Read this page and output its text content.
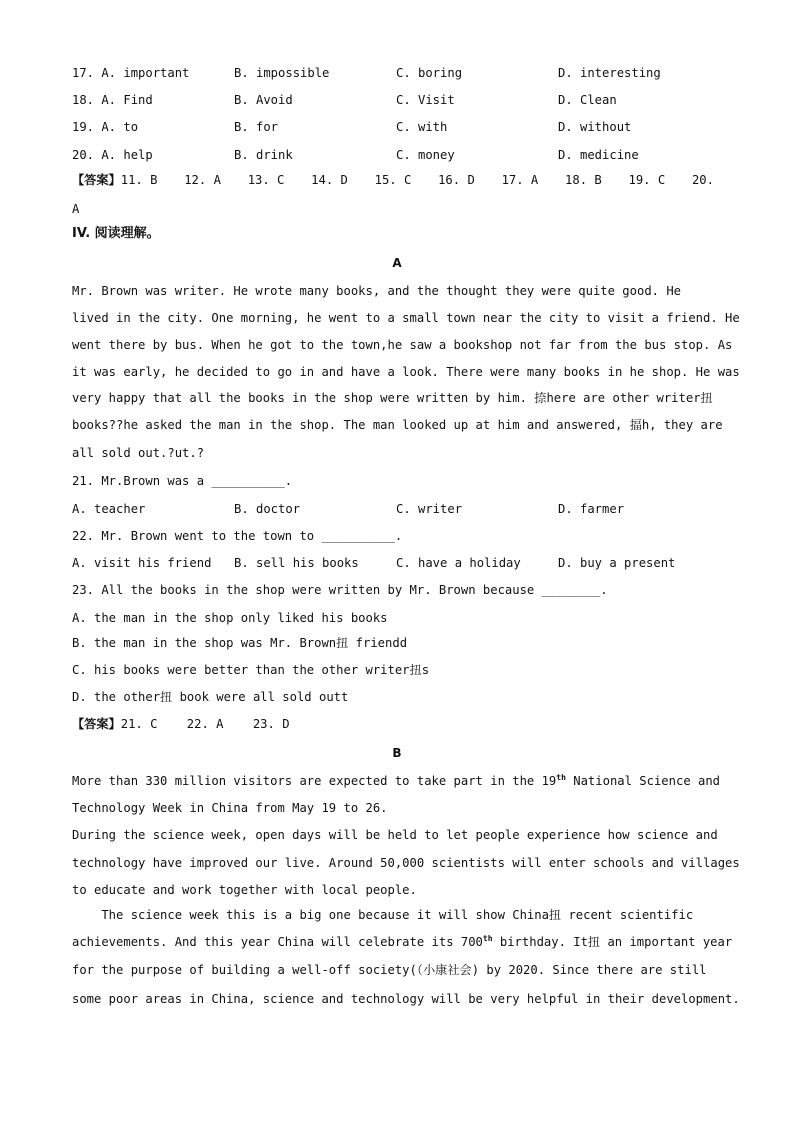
17. A. important	B. impossible	C. boring	D. interesting
18. A. Find	B. Avoid	C. Visit	D. Clean
19. A. to	B. for	C. with	D. without
20. A. help	B. drink	C. money	D. medicine
【答案】11. B 12. A 13. C 14. D 15. C 16. D 17. A 18. B 19. C 20.
A
IV. 阅读理解。
A
Mr. Brown was writer. He wrote many books, and the thought they were quite good. He
lived in the city. One morning, he went to a small town near the city to visit a friend. He
went there by bus. When he got to the town,he saw a bookshop not far from the bus stop. As
it was early, he decided to go in and have a look. There were many books in he shop. He was
very happy that all the books in the shop were written by him. 捺here are other writer扭
books??he asked the man in the shop. The man looked up at him and answered, 揊h, they are
all sold out.?ut.?
21. Mr.Brown was a __________.
A. teacher	B. doctor	C. writer	D. farmer
22. Mr. Brown went to the town to __________.
A. visit his friend B. sell his books	C. have a holiday	D. buy a present
23. All the books in the shop were written by Mr. Brown because ________.
A. the man in the shop only liked his books
B. the man in the shop was Mr. Brown扭 friendd
C. his books were better than the other writer扭s
D. the other扭 book were all sold outt
【答案】21. C 22. A 23. D
B
More than 330 million visitors are expected to take part in the 19th National Science and
Technology Week in China from May 19 to 26.
During the science week, open days will be held to let people experience how science and
technology have improved our live. Around 50,000 scientists will enter schools and villages
to educate and work together with local people.
The science week this is a big one because it will show China扭 recent scientific
achievements. And this year China will celebrate its 700th birthday. It扭 an important year
for the purpose of building a well-off society(（小康社会) by 2020. Since there are still
some poor areas in China, science and technology will be very helpful in their development.
